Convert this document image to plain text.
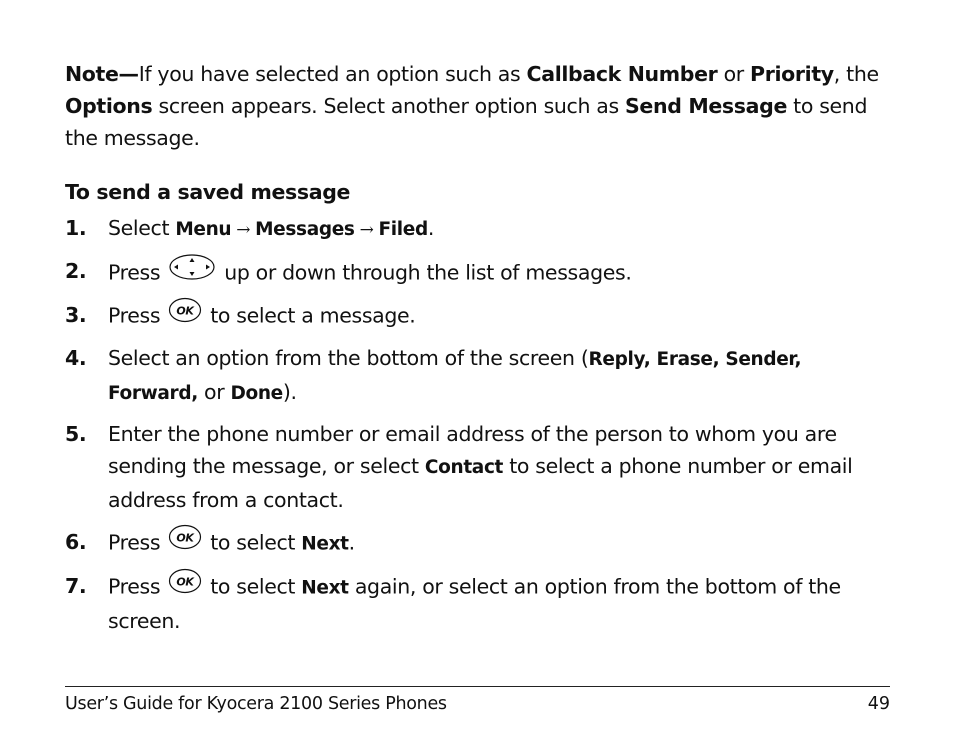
Note—If you have selected an option such as Callback Number or Priority, the Options screen appears. Select another option such as Send Message to send the message.
To send a saved message
1. Select Menu → Messages → Filed.
2. Press	up or down through the list of messages.
3. Press OK to select a message.
4. Select an option from the bottom of the screen (Reply, Erase, Sender,
Forward, or Done).
5. Enter the phone number or email address of the person to whom you are sending the message, or select Contact to select a phone number or email address from a contact.
6. Press OK to select Next.
7. Press OK to select Next again, or select an option from the bottom of the screen.
User’s Guide for Kyocera 2100 Series Phones	49
